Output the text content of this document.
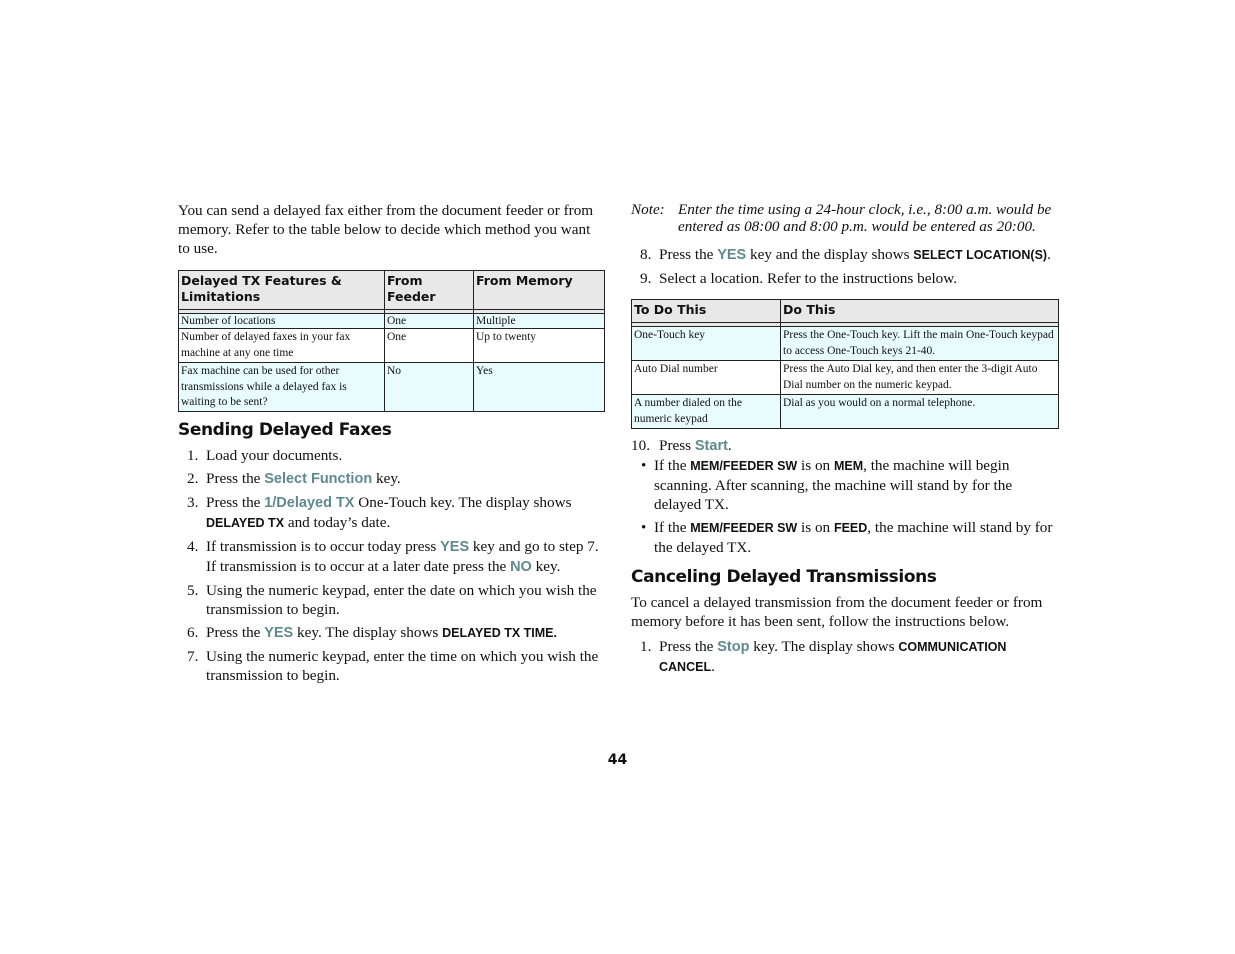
You can send a delayed fax either from the document feeder or from memory. Refer to the table below to decide which method you want to use.

Delayed TX Features & Limitations	From Feeder	From Memory

Number of locations	One	Multiple
Number of delayed faxes in your fax machine at any one time	One	Up to twenty
Fax machine can be used for other transmissions while a delayed fax is waiting to be sent?	No	Yes
Sending Delayed Faxes
1. Load your documents.
2. Press the Select Function key.
3. Press the 1/Delayed TX One-Touch key. The display shows DELAYED TX and today’s date.
4. If transmission is to occur today press YES key and go to step 7. If transmission is to occur at a later date press the NO key.
5. Using the numeric keypad, enter the date on which you wish the transmission to begin.
6. Press the YES key. The display shows DELAYED TX TIME.
7. Using the numeric keypad, enter the time on which you wish the transmission to begin.
Note: Enter the time using a 24-hour clock, i.e., 8:00 a.m. would be entered as 08:00 and 8:00 p.m. would be entered as 20:00.
8. Press the YES key and the display shows SELECT LOCATION(S).
9. Select a location. Refer to the instructions below.
To Do This	Do This

One-Touch key	Press the One-Touch key. Lift the main One-Touch keypad to access One-Touch keys 21-40.
Auto Dial number	Press the Auto Dial key, and then enter the 3-digit Auto Dial number on the numeric keypad.
A number dialed on the numeric keypad	Dial as you would on a normal telephone.
10. Press Start.
• If the MEM/FEEDER SW is on MEM, the machine will begin scanning. After scanning, the machine will stand by for the delayed TX.
• If the MEM/FEEDER SW is on FEED, the machine will stand by for the delayed TX.
Canceling Delayed Transmissions

To cancel a delayed transmission from the document feeder or from memory before it has been sent, follow the instructions below.

1. Press the Stop key. The display shows COMMUNICATION CANCEL.
44
